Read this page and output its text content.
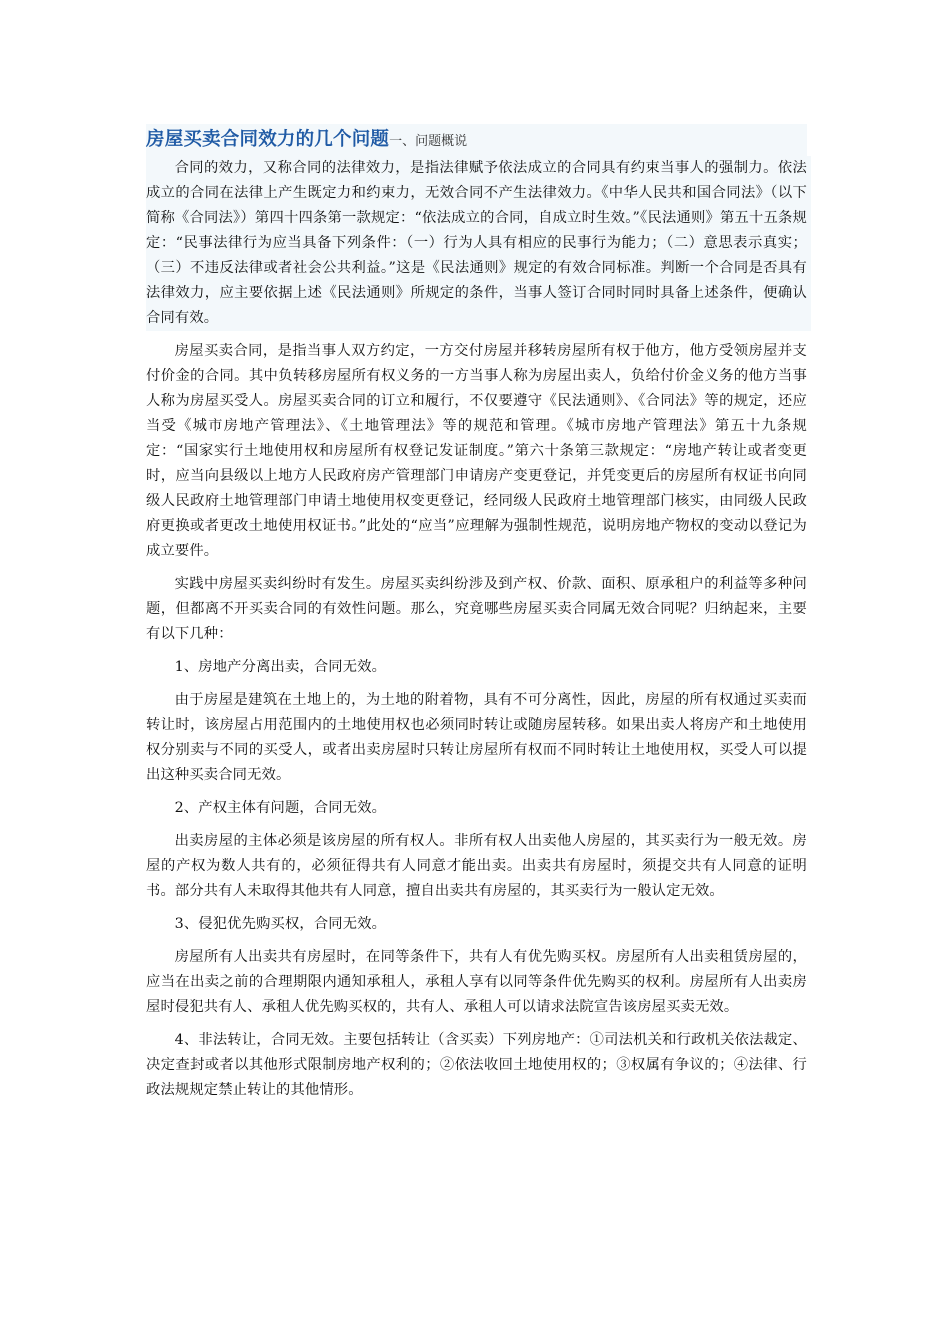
房屋买卖合同效力的几个问题一、问题概说

合同的效力，又称合同的法律效力，是指法律赋予依法成立的合同具有约束当事人的强制力。依法成立的合同在法律上产生既定力和约束力，无效合同不产生法律效力。《中华人民共和国合同法》（以下简称《合同法》）第四十四条第一款规定：“依法成立的合同，自成立时生效。”《民法通则》第五十五条规定：“民事法律行为应当具备下列条件：（一）行为人具有相应的民事行为能力；（二）意思表示真实；（三）不违反法律或者社会公共利益。”这是《民法通则》规定的有效合同标准。判断一个合同是否具有法律效力，应主要依据上述《民法通则》所规定的条件，当事人签订合同时同时具备上述条件，便确认合同有效。

房屋买卖合同，是指当事人双方约定，一方交付房屋并移转房屋所有权于他方，他方受领房屋并支付价金的合同。其中负转移房屋所有权义务的一方当事人称为房屋出卖人，负给付价金义务的他方当事人称为房屋买受人。房屋买卖合同的订立和履行，不仅要遵守《民法通则》、《合同法》等的规定，还应当受《城市房地产管理法》、《土地管理法》等的规范和管理。《城市房地产管理法》第五十九条规定：“国家实行土地使用权和房屋所有权登记发证制度。”第六十条第三款规定：“房地产转让或者变更时，应当向县级以上地方人民政府房产管理部门申请房产变更登记，并凭变更后的房屋所有权证书向同级人民政府土地管理部门申请土地使用权变更登记，经同级人民政府土地管理部门核实，由同级人民政府更换或者更改土地使用权证书。”此处的“应当”应理解为强制性规范，说明房地产物权的变动以登记为成立要件。

实践中房屋买卖纠纷时有发生。房屋买卖纠纷涉及到产权、价款、面积、原承租户的利益等多种问题，但都离不开买卖合同的有效性问题。那么，究竟哪些房屋买卖合同属无效合同呢？归纳起来，主要有以下几种：

1、房地产分离出卖，合同无效。

由于房屋是建筑在土地上的，为土地的附着物，具有不可分离性，因此，房屋的所有权通过买卖而转让时，该房屋占用范围内的土地使用权也必须同时转让或随房屋转移。如果出卖人将房产和土地使用权分别卖与不同的买受人，或者出卖房屋时只转让房屋所有权而不同时转让土地使用权，买受人可以提出这种买卖合同无效。

2、产权主体有问题，合同无效。

出卖房屋的主体必须是该房屋的所有权人。非所有权人出卖他人房屋的，其买卖行为一般无效。房屋的产权为数人共有的，必须征得共有人同意才能出卖。出卖共有房屋时，须提交共有人同意的证明书。部分共有人未取得其他共有人同意，擅自出卖共有房屋的，其买卖行为一般认定无效。

3、侵犯优先购买权，合同无效。

房屋所有人出卖共有房屋时，在同等条件下，共有人有优先购买权。房屋所有人出卖租赁房屋的，应当在出卖之前的合理期限内通知承租人，承租人享有以同等条件优先购买的权利。房屋所有人出卖房屋时侵犯共有人、承租人优先购买权的，共有人、承租人可以请求法院宣告该房屋买卖无效。

4、非法转让，合同无效。主要包括转让（含买卖）下列房地产：①司法机关和行政机关依法裁定、决定查封或者以其他形式限制房地产权利的；②依法收回土地使用权的；③权属有争议的；④法律、行政法规规定禁止转让的其他情形。
